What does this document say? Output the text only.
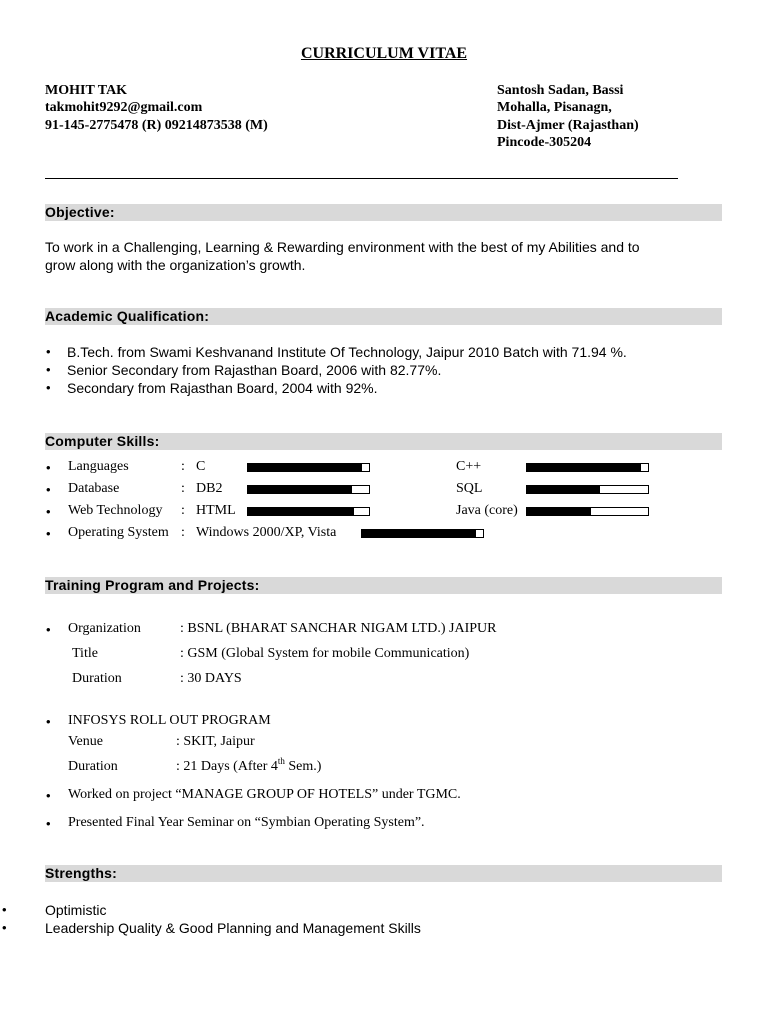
CURRICULUM VITAE
MOHIT TAK
takmohit9292@gmail.com
91-145-2775478 (R) 09214873538 (M)
Santosh Sadan, Bassi
Mohalla, Pisanagn,
Dist-Ajmer (Rajasthan)
Pincode-305204
Objective:
To work in a Challenging, Learning & Rewarding environment with the best of my Abilities and to
grow along with the organization’s growth.
Academic Qualification:
• B.Tech. from Swami Keshvanand Institute Of Technology, Jaipur 2010 Batch with 71.94 %.
• Senior Secondary from Rajasthan Board, 2006 with 82.77%.
• Secondary from Rajasthan Board, 2004 with 92%.
Computer Skills:
• Languages	: C	C++
• Database	: DB2	SQL
• Web Technology : HTML	Java (core)
• Operating System : Windows 2000/XP, Vista
Training Program and Projects:
• Organization	: BSNL (BHARAT SANCHAR NIGAM LTD.) JAIPUR
Title	: GSM (Global System for mobile Communication)
Duration	: 30 DAYS
• INFOSYS ROLL OUT PROGRAM
Venue	: SKIT, Jaipur
Duration	: 21 Days (After 4th Sem.)
• Worked on project “MANAGE GROUP OF HOTELS” under TGMC.
• Presented Final Year Seminar on “Symbian Operating System”.
Strengths:
•	Optimistic
•	Leadership Quality & Good Planning and Management Skills
